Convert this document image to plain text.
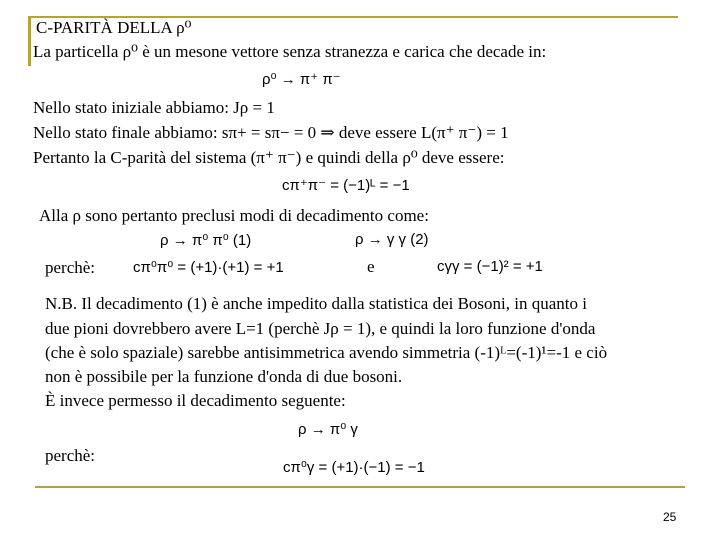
C-PARITÀ DELLA ρ⁰
La particella ρ⁰ è un mesone vettore senza stranezza e carica che decade in:
ρ⁰ → π⁺ π⁻
Nello stato iniziale abbiamo: Jρ = 1
Nello stato finale abbiamo: sπ+ = sπ− = 0 ⇒ deve essere L(π⁺ π⁻) = 1
Pertanto la C-parità del sistema (π⁺ π⁻) e quindi della ρ⁰ deve essere:
cπ⁺π⁻ = (−1)ᴸ = −1
Alla ρ sono pertanto preclusi modi di decadimento come:
ρ → π⁰ π⁰ (1)	ρ → γ γ (2)
perchè:	cπ⁰π⁰ = (+1)·(+1) = +1	e	cγγ = (−1)² = +1
N.B. Il decadimento (1) è anche impedito dalla statistica dei Bosoni, in quanto i
due pioni dovrebbero avere L=1 (perchè Jρ = 1), e quindi la loro funzione d'onda
(che è solo spaziale) sarebbe antisimmetrica avendo simmetria (-1)ᴸ=(-1)¹=-1 e ciò
non è possibile per la funzione d'onda di due bosoni.
È invece permesso il decadimento seguente:
ρ → π⁰ γ
perchè:
cπ⁰γ = (+1)·(−1) = −1
25
